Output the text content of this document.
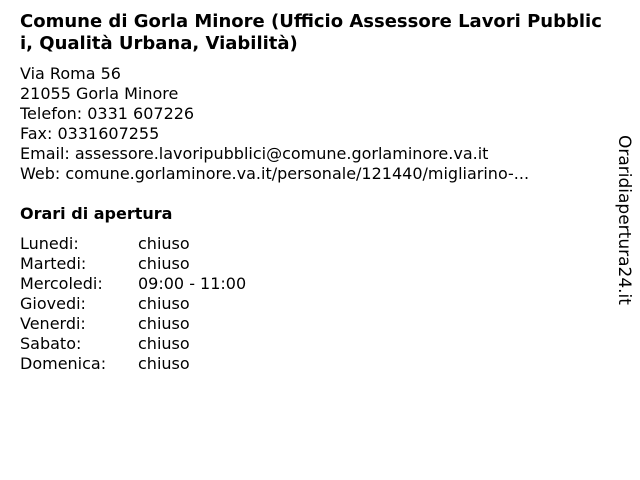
Comune di Gorla Minore (Ufficio Assessore Lavori Pubblici, Qualità Urbana, Viabilità)
Via Roma 56
21055 Gorla Minore
Telefon: 0331 607226
Fax: 0331607255
Email: assessore.lavoripubblici@comune.gorlaminore.va.it
Web: comune.gorlaminore.va.it/personale/121440/migliarino-...
Orari di apertura
Lunedi:	chiuso
Martedi:	chiuso
Mercoledi: 09:00 - 11:00
Giovedi:	chiuso
Venerdi:	chiuso
Sabato:	chiuso
Domenica: chiuso
Oraridiapertura24.it
